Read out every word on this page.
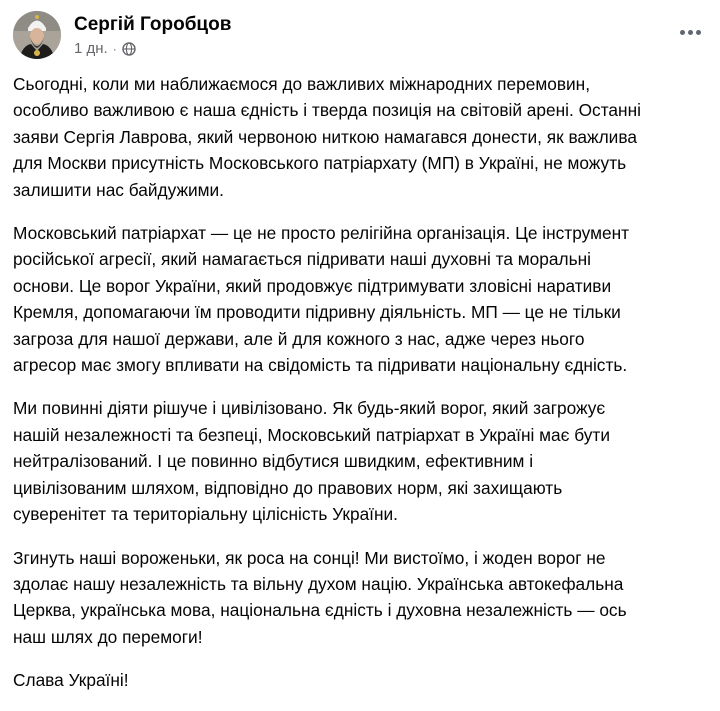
Сергій Горобцов
1 дн. ·

Сьогодні, коли ми наближаємося до важливих міжнародних перемовин,
особливо важливою є наша єдність і тверда позиція на світовій арені. Останні
заяви Сергія Лаврова, який червоною ниткою намагався донести, як важлива
для Москви присутність Московського патріархату (МП) в Україні, не можуть
залишити нас байдужими.

Московський патріархат — це не просто релігійна організація. Це інструмент
російської агресії, який намагається підривати наші духовні та моральні
основи. Це ворог України, який продовжує підтримувати зловісні наративи
Кремля, допомагаючи їм проводити підривну діяльність. МП — це не тільки
загроза для нашої держави, але й для кожного з нас, адже через нього
агресор має змогу впливати на свідомість та підривати національну єдність.

Ми повинні діяти рішуче і цивілізовано. Як будь-який ворог, який загрожує
нашій незалежності та безпеці, Московський патріархат в Україні має бути
нейтралізований. І це повинно відбутися швидким, ефективним і
цивілізованим шляхом, відповідно до правових норм, які захищають
суверенітет та територіальну цілісність України.

Згинуть наші вороженьки, як роса на сонці! Ми вистоїмо, і жоден ворог не
здолає нашу незалежність та вільну духом націю. Українська автокефальна
Церква, українська мова, національна єдність і духовна незалежність — ось
наш шлях до перемоги!

Слава Україні!
